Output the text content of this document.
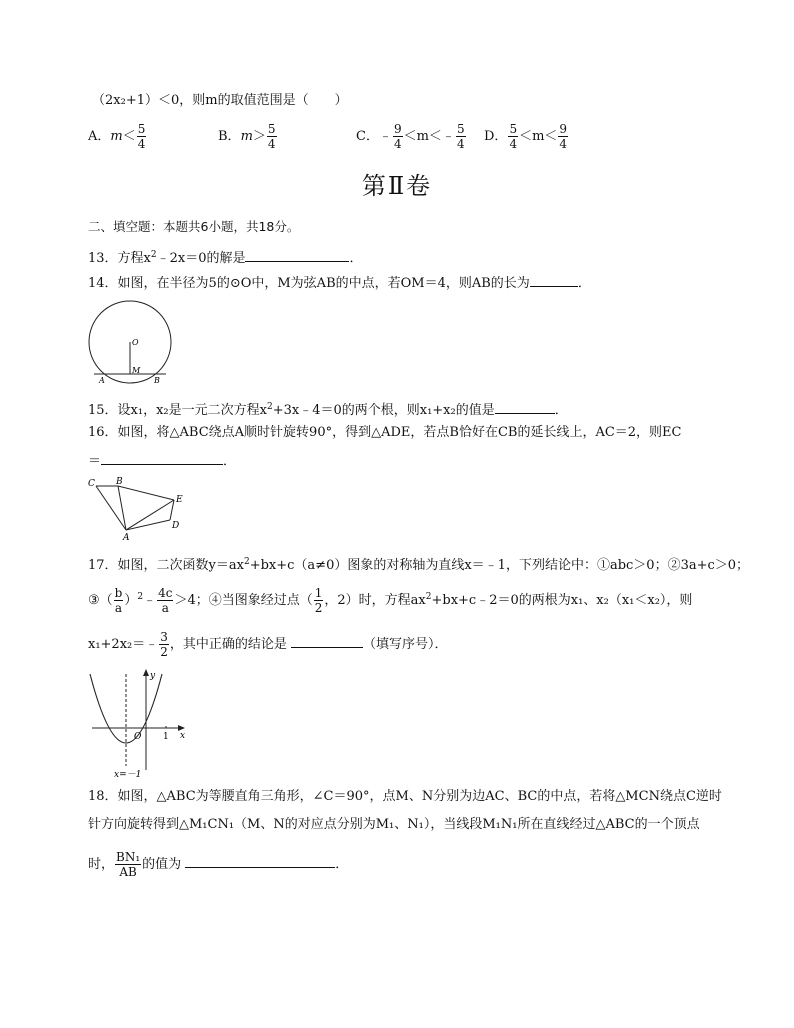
（2x₂+1）＜0，则m的取值范围是（　　）
A．$m< \frac{5}{4}$	B．$m> \frac{5}{4}$	C．﹣ $\frac{9}{4}$ ＜m＜﹣ $\frac{5}{4}$ D． $\frac{5}{4} <m< \frac{9}{4}$
第Ⅱ卷
二、填空题：本题共6小题，共18分。
13．方程$x^2﹣2x=0$的解是	．
14．如图，在半径为5的⊙O中，M为弦AB的中点，若OM＝4，则AB的长为	．
O
M
A	B
15．设x₁，x₂是一元二次方程$x^2+3x﹣4=0$的两个根，则x₁+x₂的值是	．
16．如图，将△ABC绕点A顺时针旋转90°，得到△ADE，若点B恰好在CB的延长线上，AC＝2，则EC
＝	．
C B
E
D
A
17．如图，二次函数$y=ax^2+bx+c(a\ne 0)$图象的对称轴为直线x＝﹣1，下列结论中：①abc＞0；②3a+c＞0；
③（ $\frac{b}{a}$ ）$^2$﹣ $\frac{4c}{a} >4$；④当图象经过点（ $\frac{1}{2}$ ，2）时，方程$ax^2+bx+c﹣2=0$的两根为x₁、x₂（x₁＜x₂），则
x₁+2x₂＝﹣ $\frac{3}{2}$ ，其中正确的结论是	（填写序号）．
y
x
O 1
x=－1
18．如图，△ABC为等腰直角三角形，∠C＝90°，点M、N分别为边AC、BC的中点，若将△MCN绕点C逆时
针方向旋转得到△M₁CN₁（M、N的对应点分别为M₁、N₁），当线段M₁N₁所在直线经过△ABC的一个顶点
时， $\frac{\text{BN₁}}{AB}$ 的值为	．
